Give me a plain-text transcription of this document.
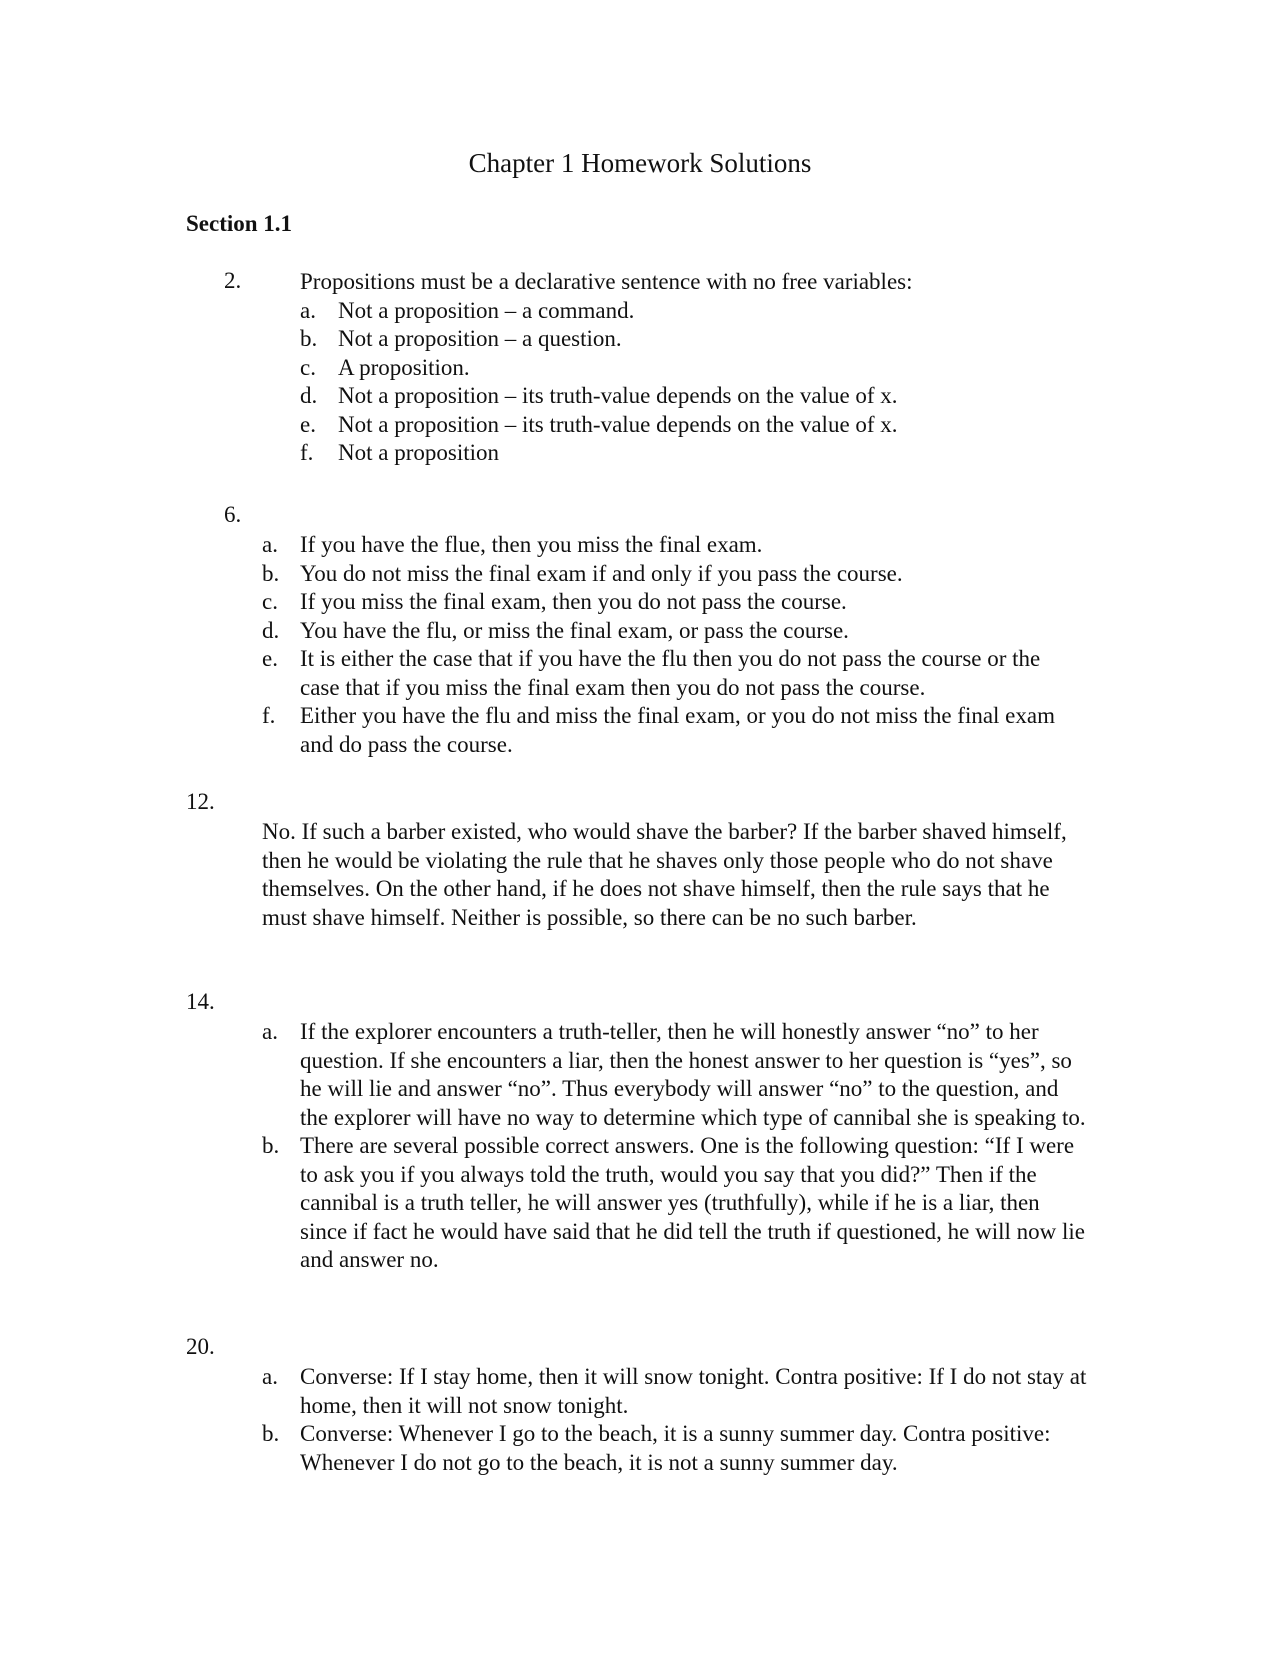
Chapter 1 Homework Solutions
Section 1.1
2.	Propositions must be a declarative sentence with no free variables:
a. Not a proposition – a command.
b. Not a proposition – a question.
c. A proposition.
d. Not a proposition – its truth-value depends on the value of x.
e. Not a proposition – its truth-value depends on the value of x.
f. Not a proposition
6.
a. If you have the flue, then you miss the final exam.
b. You do not miss the final exam if and only if you pass the course.
c. If you miss the final exam, then you do not pass the course.
d. You have the flu, or miss the final exam, or pass the course.
e. It is either the case that if you have the flu then you do not pass the course or the case that if you miss the final exam then you do not pass the course.
f. Either you have the flu and miss the final exam, or you do not miss the final exam and do pass the course.
12.
No. If such a barber existed, who would shave the barber? If the barber shaved himself, then he would be violating the rule that he shaves only those people who do not shave themselves. On the other hand, if he does not shave himself, then the rule says that he must shave himself. Neither is possible, so there can be no such barber.
14.
a. If the explorer encounters a truth-teller, then he will honestly answer “no” to her question. If she encounters a liar, then the honest answer to her question is “yes”, so he will lie and answer “no”. Thus everybody will answer “no” to the question, and the explorer will have no way to determine which type of cannibal she is speaking to.
b. There are several possible correct answers. One is the following question: “If I were to ask you if you always told the truth, would you say that you did?” Then if the cannibal is a truth teller, he will answer yes (truthfully), while if he is a liar, then since if fact he would have said that he did tell the truth if questioned, he will now lie and answer no.
20.
a. Converse: If I stay home, then it will snow tonight. Contra positive: If I do not stay at home, then it will not snow tonight.
b. Converse: Whenever I go to the beach, it is a sunny summer day. Contra positive: Whenever I do not go to the beach, it is not a sunny summer day.
